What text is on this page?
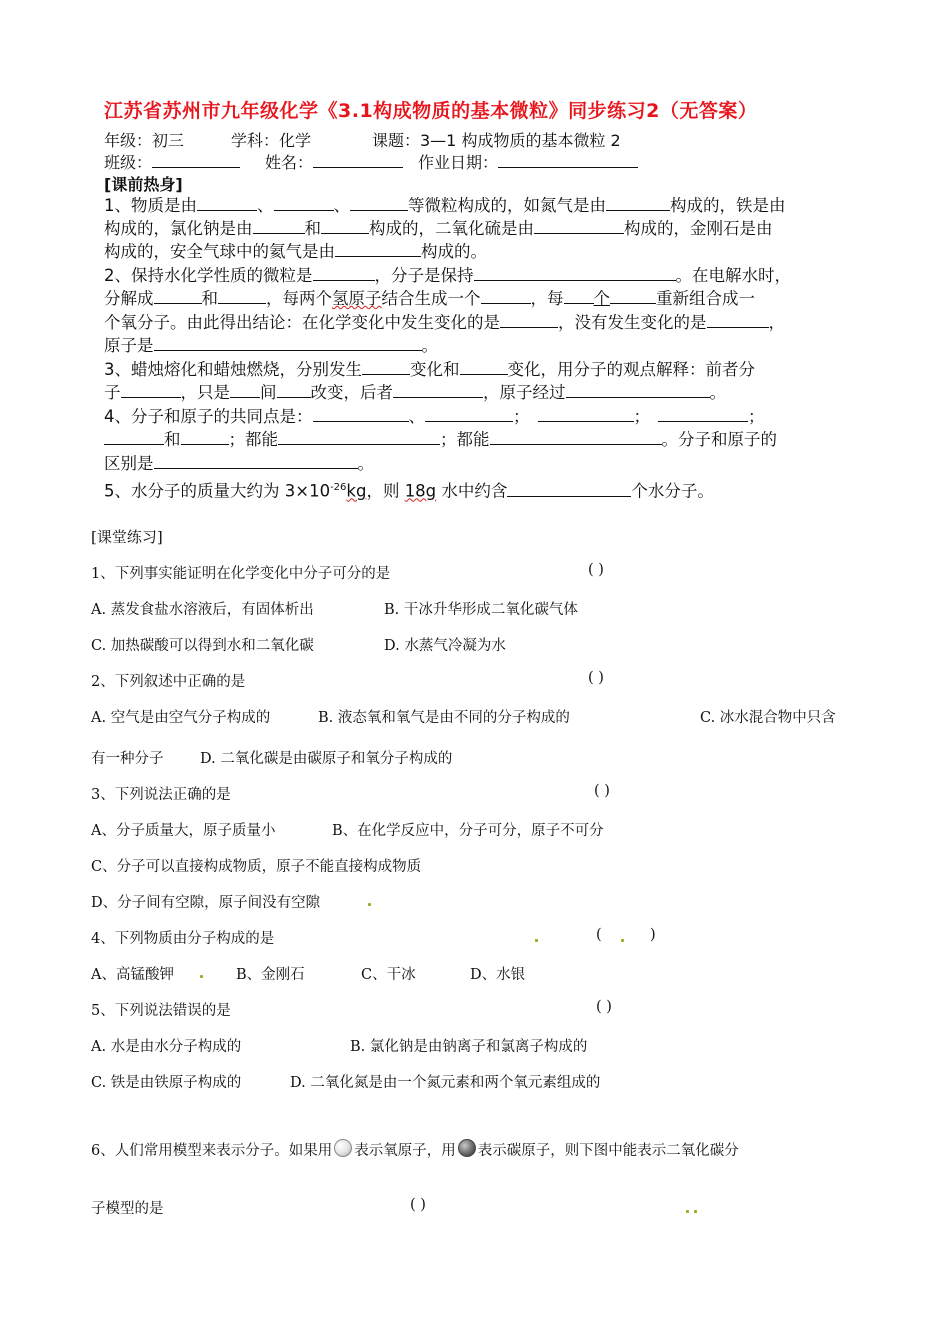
江苏省苏州市九年级化学《3.1构成物质的基本微粒》同步练习2（无答案）
年级：初三	学科：化学	课题：3—1 构成物质的基本微粒 2
班级：	姓名：	作业日期：
[课前热身]
1、物质是由	、	、	等微粒构成的，如氮气是由	构成的，铁是由
构成的，氯化钠是由	和	构成的，二氧化硫是由	构成的，金刚石是由
构成的，安全气球中的氦气是由	构成的。
2、保持水化学性质的微粒是	，分子是保持	。在电解水时，
分解成	和	，每两个氢原子结合生成一个	，每 个	重新组合成一
个氧分子。由此得出结论：在化学变化中发生变化的是	，没有发生变化的是	，
原子是	。
3、蜡烛熔化和蜡烛燃烧，分别发生	变化和	变化，用分子的观点解释：前者分
子	，只是 间 改变，后者	，原子经过	。
4、分子和原子的共同点是：	、	；	；	；
和	；都能	；都能	。分子和原子的
区别是	。
5、水分子的质量大约为 $3\times 10^{-26}kg$，则 18g 水中约含	个水分子。
[课堂练习]
1、下列事实能证明在化学变化中分子可分的是	( )
A. 蒸发食盐水溶液后，有固体析出	B. 干冰升华形成二氧化碳气体
C. 加热碳酸可以得到水和二氧化碳	D. 水蒸气冷凝为水
2、下列叙述中正确的是	( )
A. 空气是由空气分子构成的	B. 液态氧和氧气是由不同的分子构成的	C. 冰水混合物中只含
有一种分子	D. 二氧化碳是由碳原子和氧分子构成的
3、下列说法正确的是	( )
A、分子质量大，原子质量小	B、在化学反应中，分子可分，原子不可分
C、分子可以直接构成物质，原子不能直接构成物质
D、分子间有空隙，原子间没有空隙
4、下列物质由分子构成的是	(	)
A、高锰酸钾	B、金刚石	C、干冰	D、水银
5、下列说法错误的是	( )
A. 水是由水分子构成的	B. 氯化钠是由钠离子和氯离子构成的
C. 铁是由铁原子构成的	D. 二氧化氮是由一个氮元素和两个氧元素组成的
6、人们常用模型来表示分子。如果用 表示氧原子，用 表示碳原子，则下图中能表示二氧化碳分
子模型的是	( )
